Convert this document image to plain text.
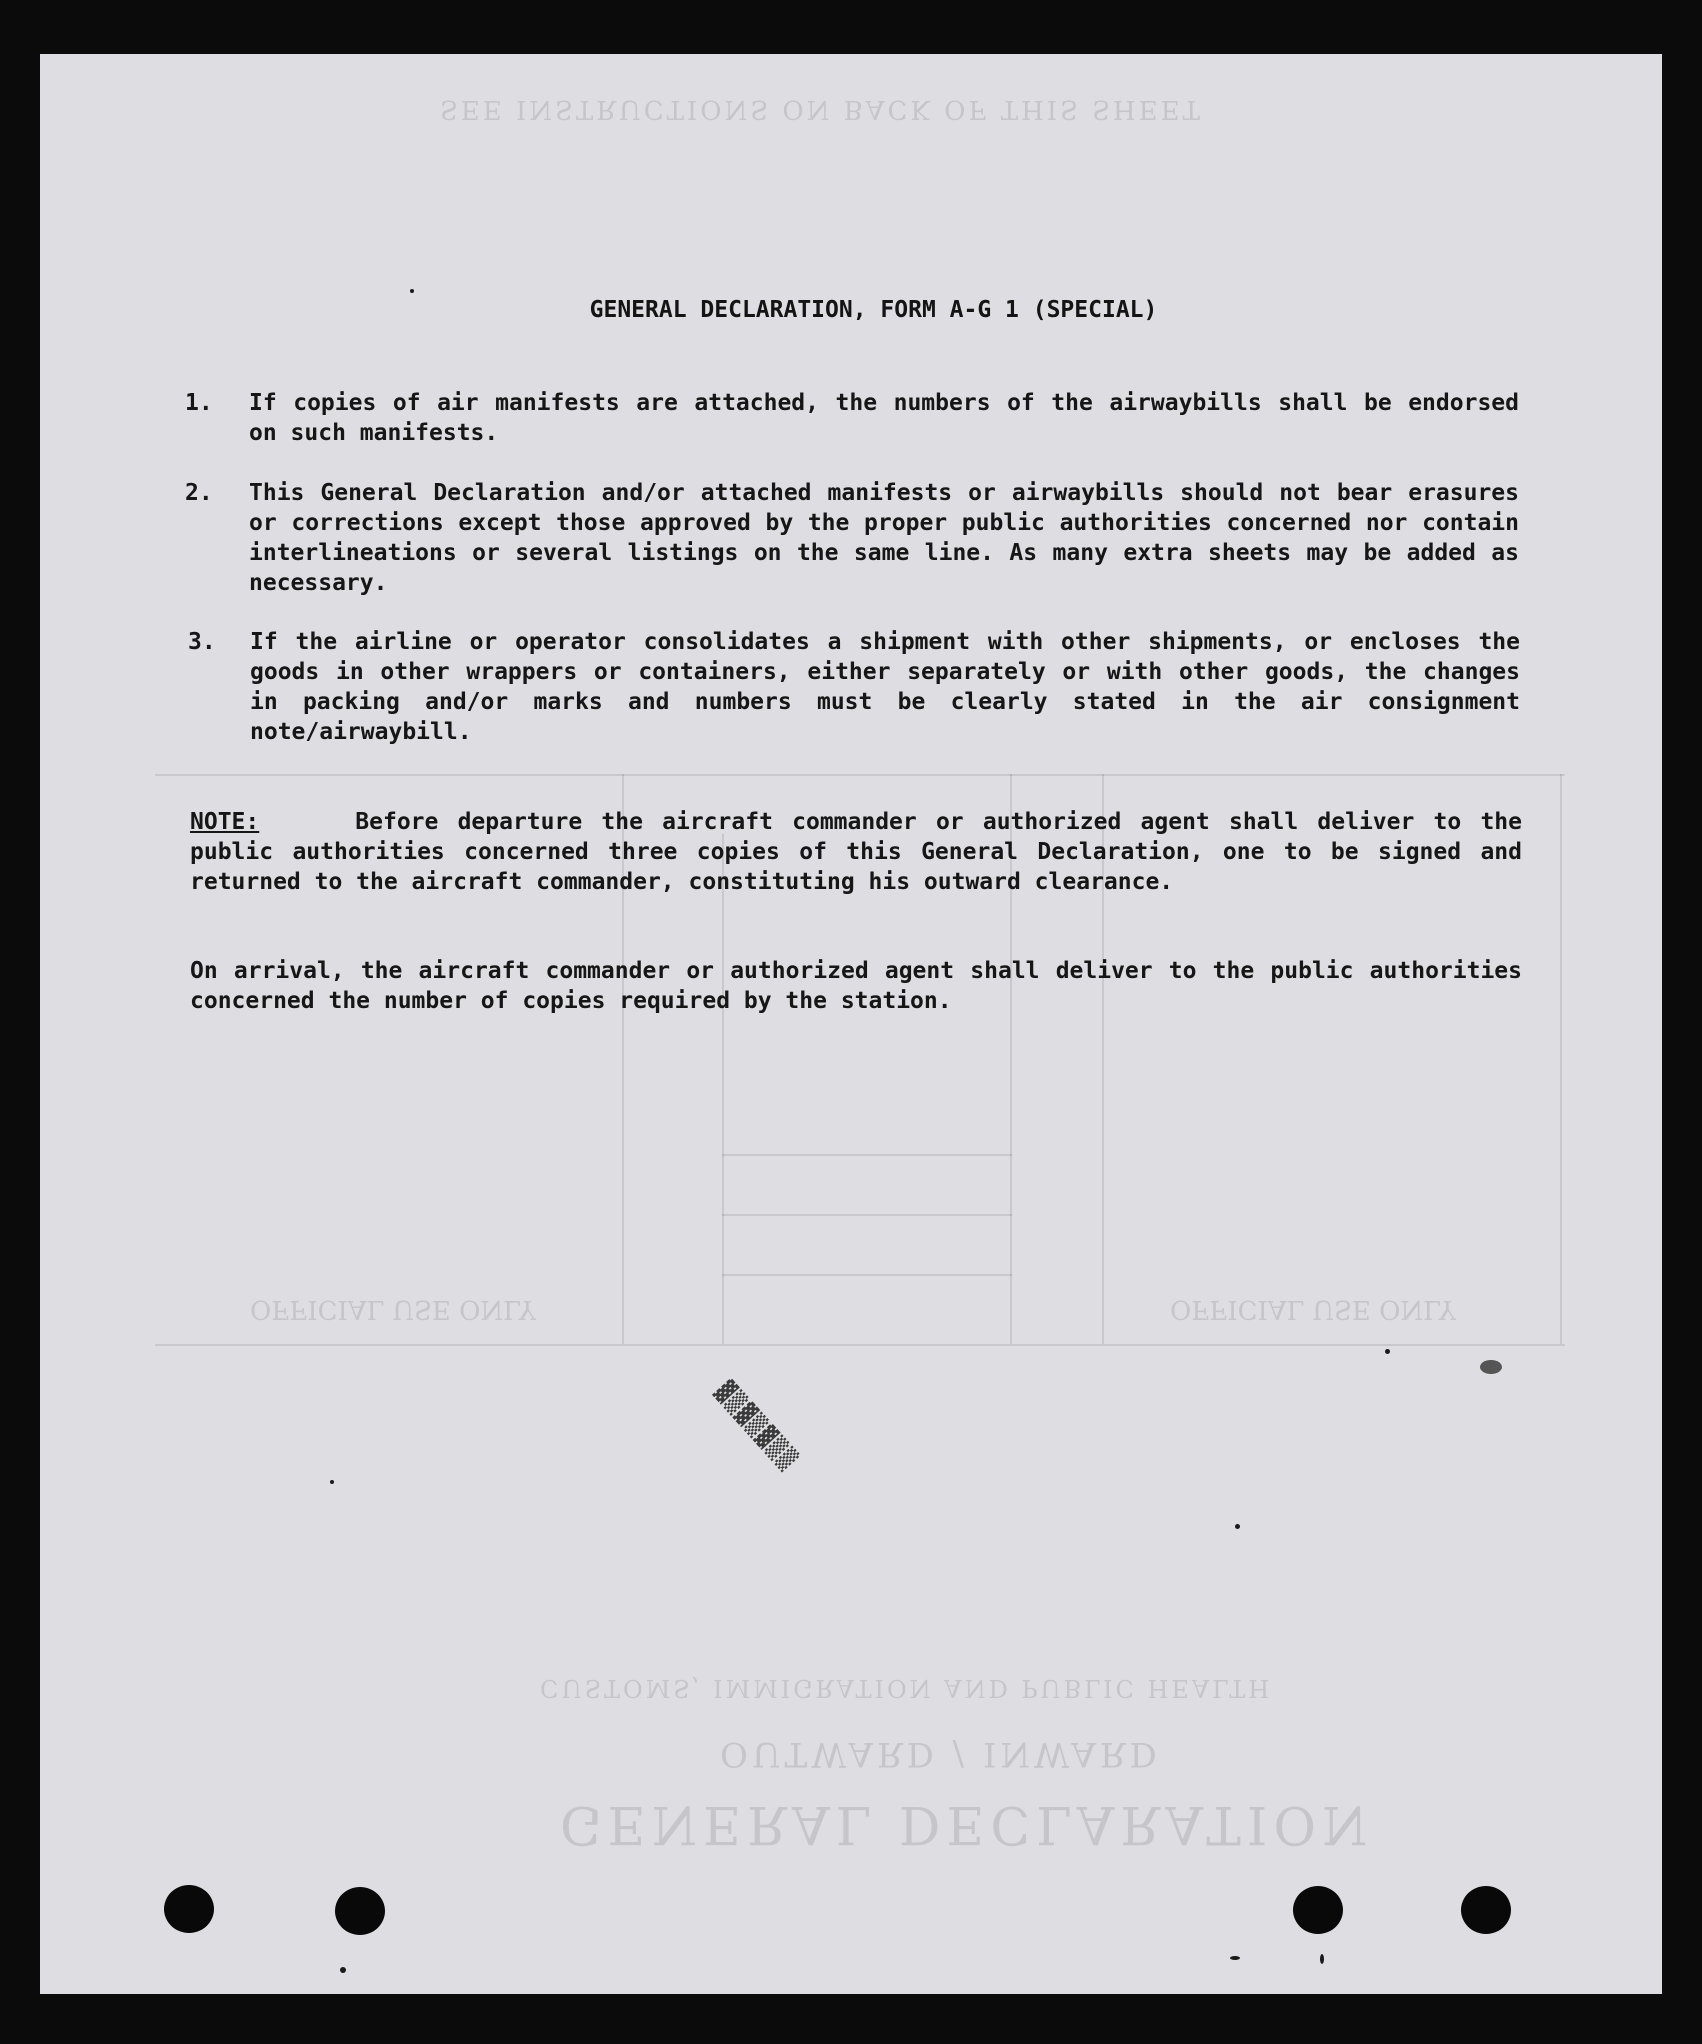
GENERAL DECLARATION
OUTWARD / INWARD
CUSTOMS, IMMIGRATION AND PUBLIC HEALTH
SEE INSTRUCTIONS ON BACK OF THIS SHEET
OFFICIAL USE ONLY	OFFICIAL USE ONLY
GENERAL DECLARATION, FORM A-G 1 (SPECIAL)
1. If copies of air manifests are attached, the numbers of the airwaybills shall be endorsed on such manifests.
2. This General Declaration and/or attached manifests or airwaybills should not bear erasures or corrections except those approved by the proper public authorities concerned nor contain interlineations or several listings on the same line. As many extra sheets may be added as necessary.
3. If the airline or operator consolidates a shipment with other shipments, or encloses the goods in other wrappers or containers, either separately or with other goods, the changes in packing and/or marks and numbers must be clearly stated in the air consignment note/airwaybill.
NOTE:	Before departure the aircraft commander or authorized agent shall deliver to the public authorities concerned three copies of this General Declaration, one to be signed and returned to the aircraft commander, constituting his outward clearance.
On arrival, the aircraft commander or authorized agent shall deliver to the public authorities concerned the number of copies required by the station.
▓▒▓▒▓▒▒
